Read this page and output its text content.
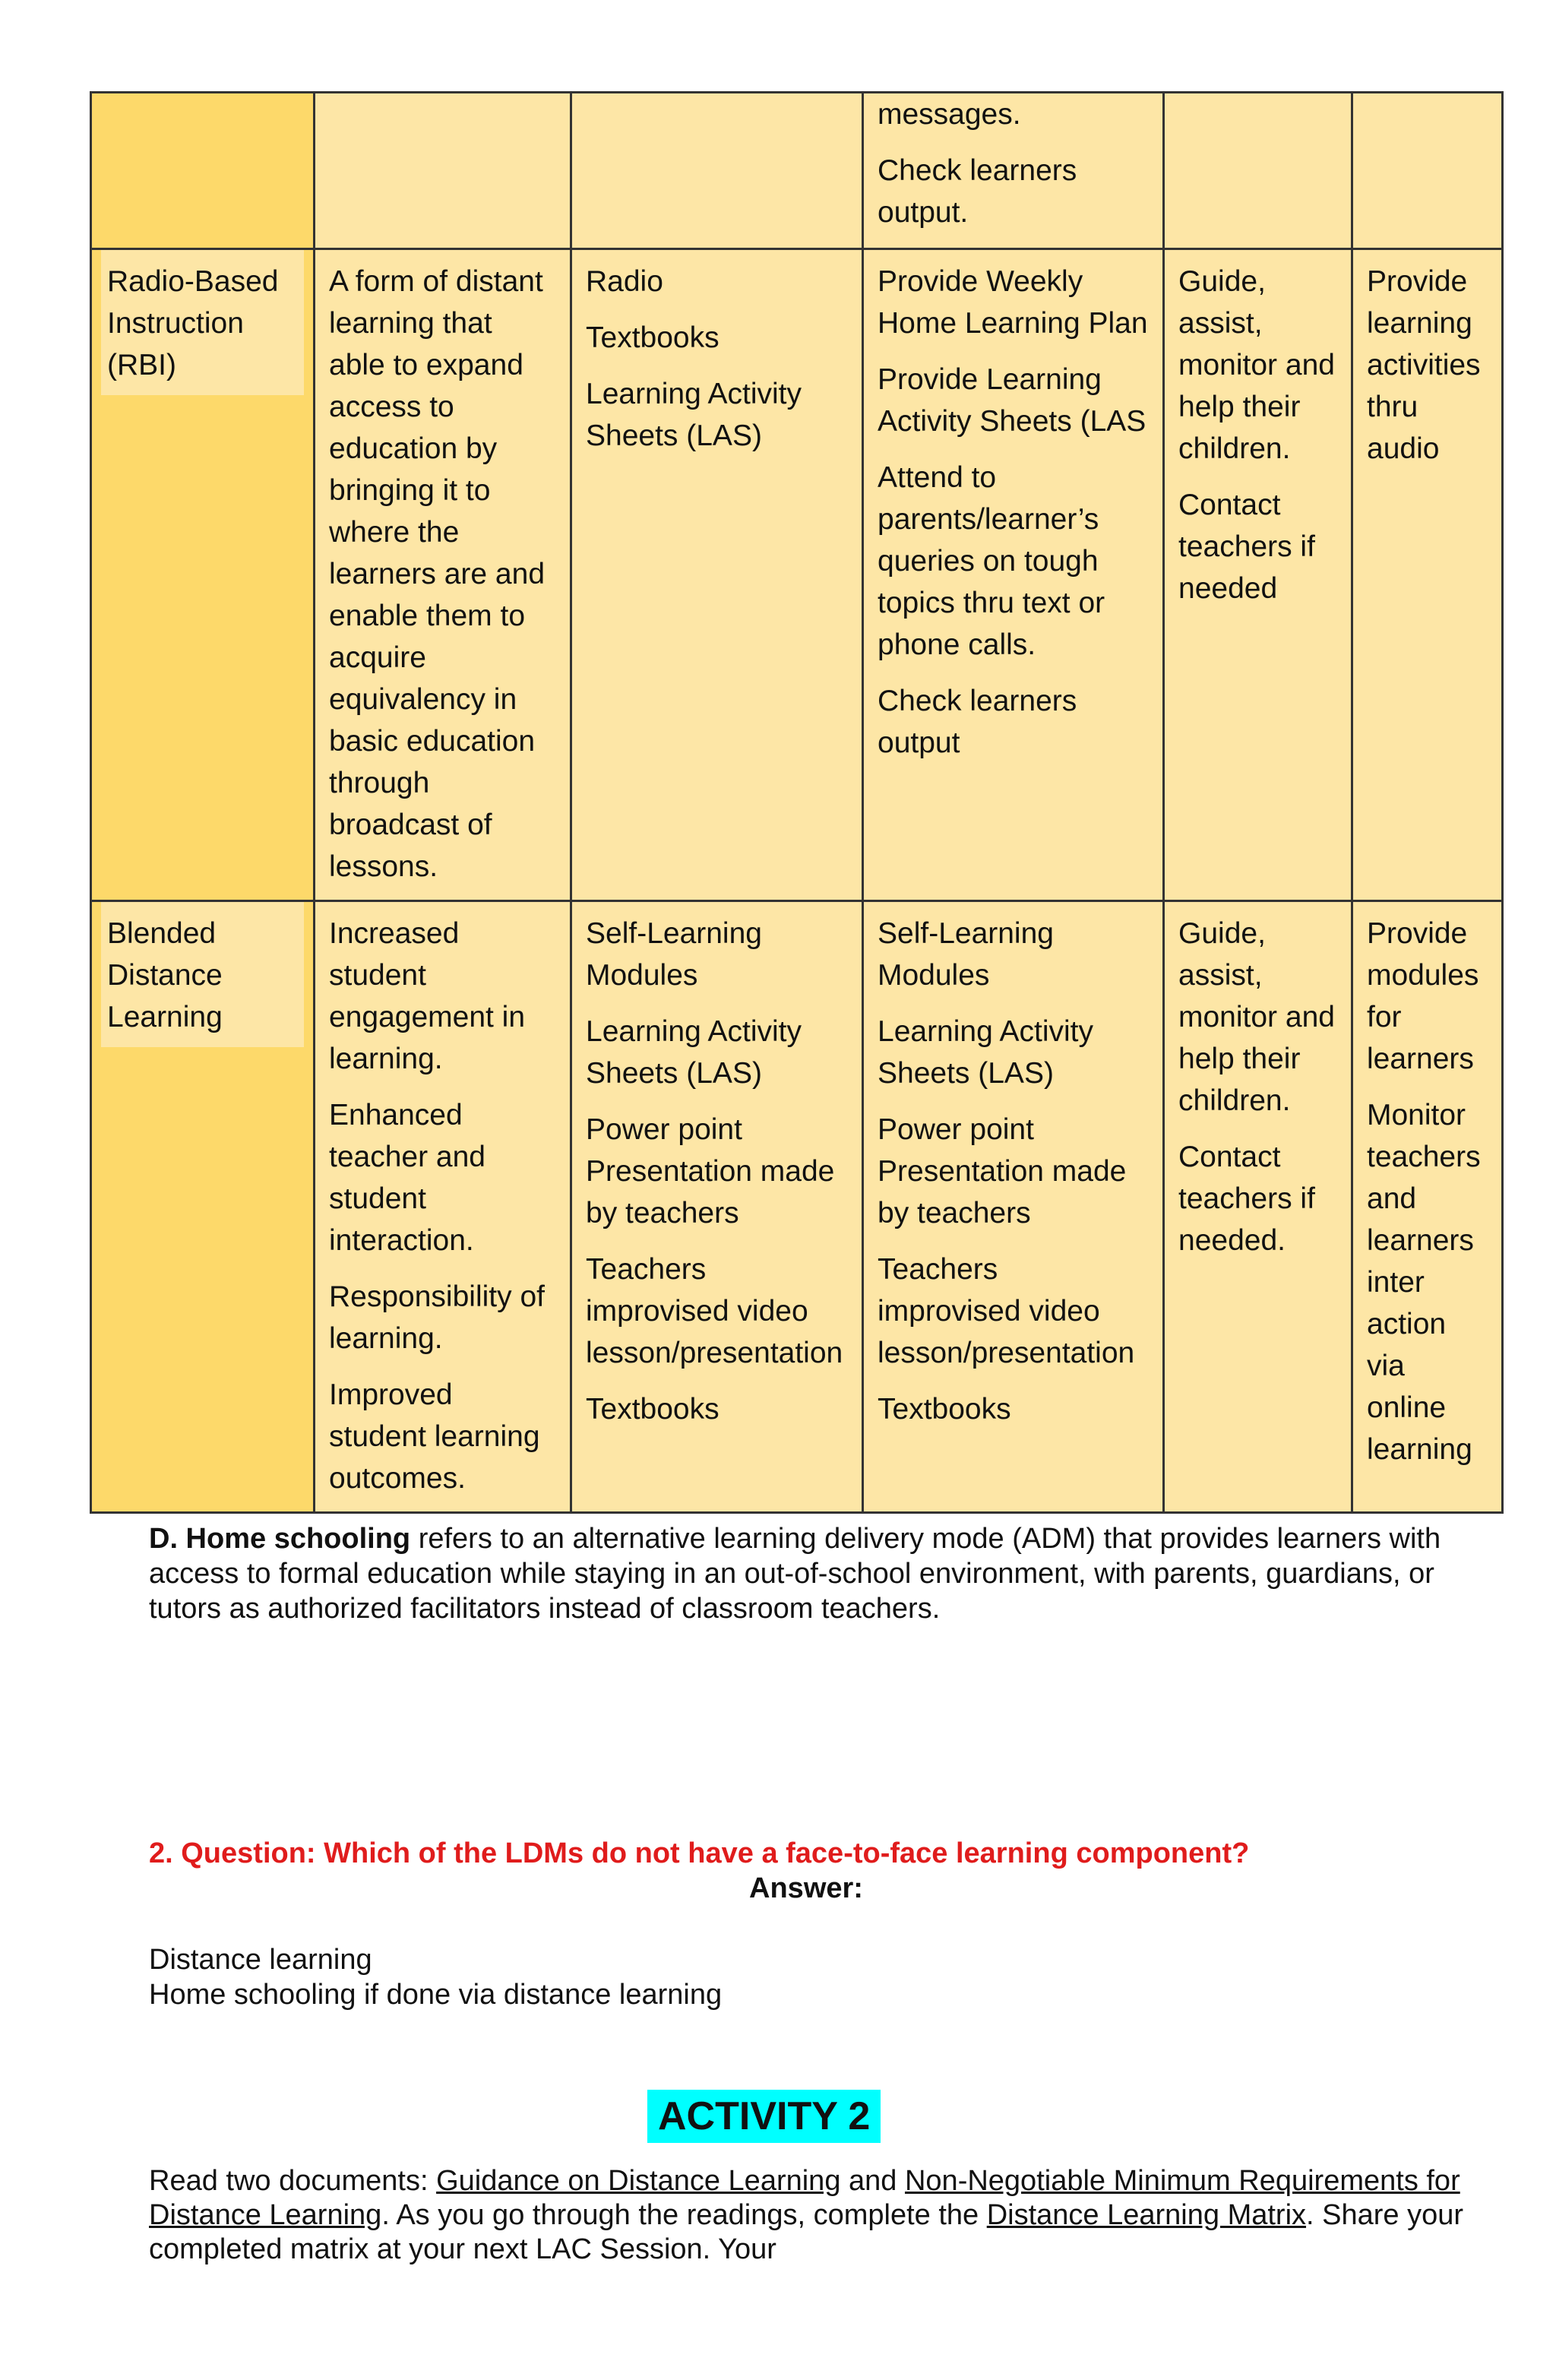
			messages.
Check learners output.		

Radio-Based Instruction (RBI)	A form of distant learning that able to expand access to education by bringing it to where the learners are and enable them to acquire equivalency in basic education through broadcast of lessons.	Radio
Textbooks
Learning Activity Sheets (LAS)	Provide Weekly Home Learning Plan
Provide Learning Activity Sheets (LAS
Attend to parents/learner’s queries on tough topics thru text or phone calls.
Check learners output	Guide, assist, monitor and help their children.
Contact teachers if needed	Provide learning activities thru audio

Blended Distance Learning	Increased student engagement in learning.
Enhanced teacher and student interaction.
Responsibility of learning.
Improved student learning outcomes.	Self-Learning Modules
Learning Activity Sheets (LAS)
Power point Presentation made by teachers
Teachers improvised video lesson/presentation
Textbooks	Self-Learning Modules
Learning Activity Sheets (LAS)
Power point Presentation made by teachers
Teachers improvised video lesson/presentation
Textbooks	Guide, assist, monitor and help their children.
Contact teachers if needed.	Provide modules for learners
Monitor teachers and learners inter action via online learning

D. Home schooling refers to an alternative learning delivery mode (ADM) that provides learners with access to formal education while staying in an out-of-school environment, with parents, guardians, or tutors as authorized facilitators instead of classroom teachers.

2. Question: Which of the LDMs do not have a face-to-face learning component?

Answer:

Distance learning

Home schooling if done via distance learning

ACTIVITY 2

Read two documents: Guidance on Distance Learning and Non-Negotiable Minimum Requirements for Distance Learning. As you go through the readings, complete the Distance Learning Matrix. Share your completed matrix at your next LAC Session. Your
